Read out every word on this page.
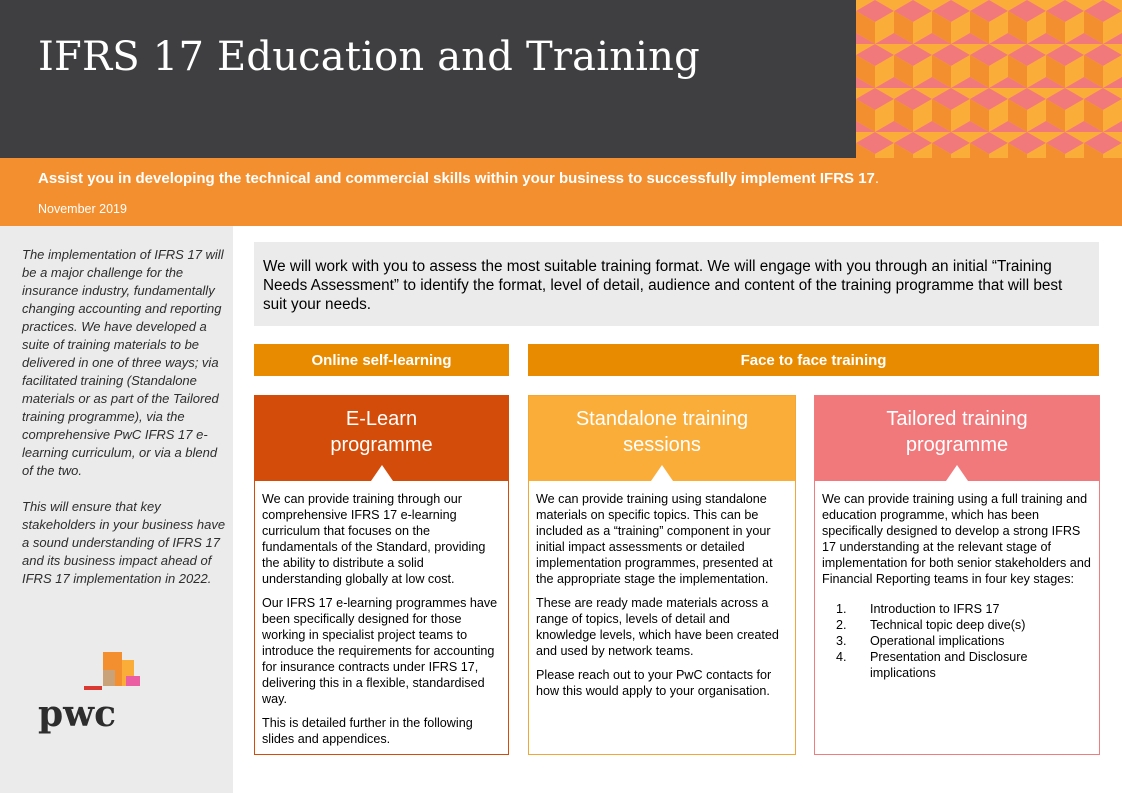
IFRS 17 Education and Training
Assist you in developing the technical and commercial skills within your business to successfully implement IFRS 17.
November 2019

The implementation of IFRS 17 will be a major challenge for the insurance industry, fundamentally changing accounting and reporting practices. We have developed a suite of training materials to be delivered in one of three ways; via facilitated training (Standalone materials or as part of the Tailored training programme), via the comprehensive PwC IFRS 17 e-learning curriculum, or via a blend of the two.

This will ensure that key stakeholders in your business have a sound understanding of IFRS 17 and its business impact ahead of IFRS 17 implementation in 2022.

pwc
We will work with you to assess the most suitable training format. We will engage with you through an initial “Training Needs Assessment” to identify the format, level of detail, audience and content of the training programme that will best suit your needs.
Online self-learning	Face to face training
E-Learn
programme

We can provide training through our comprehensive IFRS 17 e-learning curriculum that focuses on the fundamentals of the Standard, providing the ability to distribute a solid understanding globally at low cost.

Our IFRS 17 e-learning programmes have been specifically designed for those working in specialist project teams to introduce the requirements for accounting for insurance contracts under IFRS 17, delivering this in a flexible, standardised way.

This is detailed further in the following slides and appendices.

Standalone training
sessions

We can provide training using standalone materials on specific topics. This can be included as a “training” component in your initial impact assessments or detailed implementation programmes, presented at the appropriate stage the implementation.

These are ready made materials across a range of topics, levels of detail and knowledge levels, which have been created and used by network teams.

Please reach out to your PwC contacts for how this would apply to your organisation.

Tailored training
programme

We can provide training using a full training and education programme, which has been specifically designed to develop a strong IFRS 17 understanding at the relevant stage of implementation for both senior stakeholders and Financial Reporting teams in four key stages:

1. Introduction to IFRS 17
2. Technical topic deep dive(s)
3. Operational implications
4. Presentation and Disclosure implications
